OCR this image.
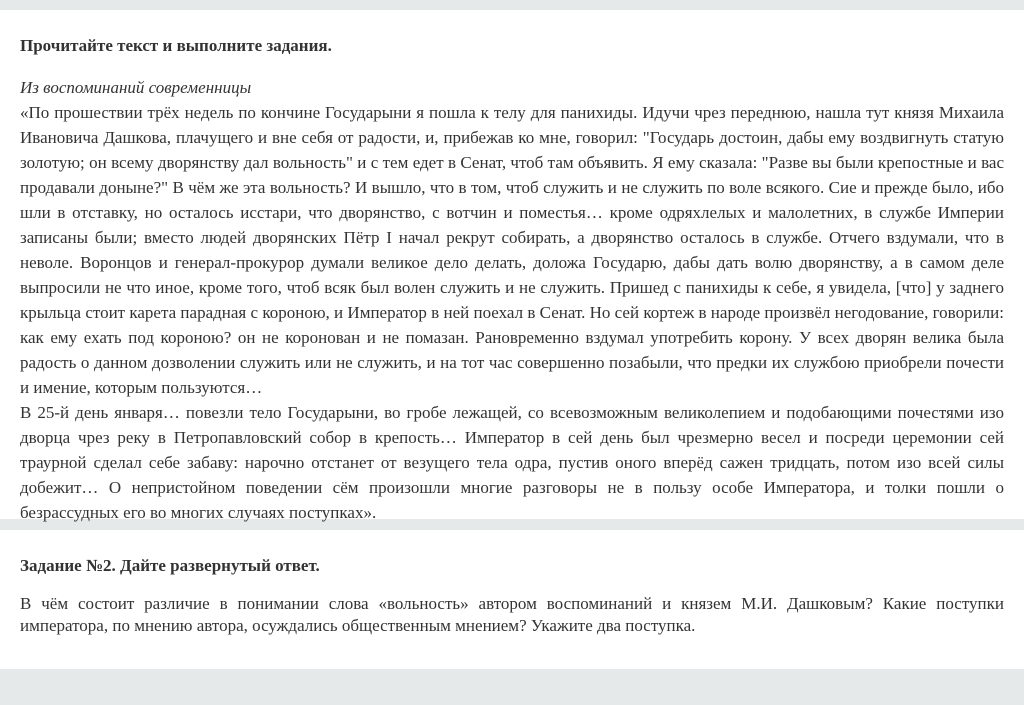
Прочитайте текст и выполните задания.

Из воспоминаний современницы

«По прошествии трёх недель по кончине Государыни я пошла к телу для панихиды. Идучи чрез переднюю, нашла тут князя Михаила Ивановича Дашкова, плачущего и вне себя от радости, и, прибежав ко мне, говорил: "Государь достоин, дабы ему воздвигнуть статую золотую; он всему дворянству дал вольность" и с тем едет в Сенат, чтоб там объявить. Я ему сказала: "Разве вы были крепостные и вас продавали доныне?" В чём же эта вольность? И вышло, что в том, чтоб служить и не служить по воле всякого. Сие и прежде было, ибо шли в отставку, но осталось исстари, что дворянство, с вотчин и поместья… кроме одряхлелых и малолетних, в службе Империи записаны были; вместо людей дворянских Пётр I начал рекрут собирать, а дворянство осталось в службе. Отчего вздумали, что в неволе. Воронцов и генерал-прокурор думали великое дело делать, доложа Государю, дабы дать волю дворянству, а в самом деле выпросили не что иное, кроме того, чтоб всяк был волен служить и не служить. Пришед с панихиды к себе, я увидела, [что] у заднего крыльца стоит карета парадная с короною, и Император в ней поехал в Сенат. Но сей кортеж в народе произвёл негодование, говорили: как ему ехать под короною? он не коронован и не помазан. Рановременно вздумал употребить корону. У всех дворян велика была радость о данном дозволении служить или не служить, и на тот час совершенно позабыли, что предки их службою приобрели почести и имение, которым пользуются…

В 25-й день января… повезли тело Государыни, во гробе лежащей, со всевозможным великолепием и подобающими почестями изо дворца чрез реку в Петропавловский собор в крепость… Император в сей день был чрезмерно весел и посреди церемонии сей траурной сделал себе забаву: нарочно отстанет от везущего тела одра, пустив оного вперёд сажен тридцать, потом изо всей силы добежит… О непристойном поведении сём произошли многие разговоры не в пользу особе Императора, и толки пошли о безрассудных его во многих случаях поступках».

Задание №2. Дайте развернутый ответ.

В чём состоит различие в понимании слова «вольность» автором воспоминаний и князем М.И. Дашковым? Какие поступки императора, по мнению автора, осуждались общественным мнением? Укажите два поступка.
